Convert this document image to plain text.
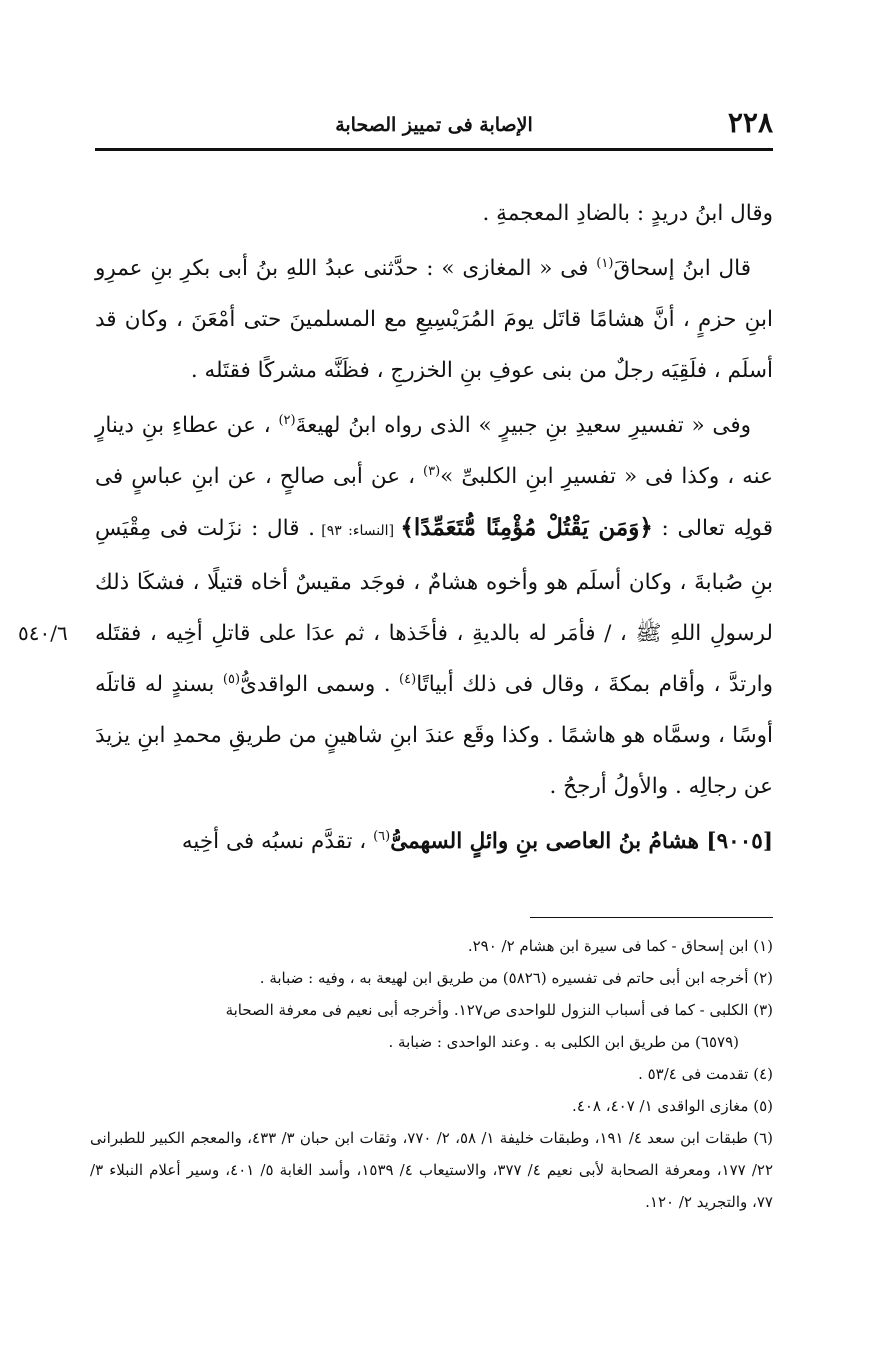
٢٢٨
الإصابة فى تمييز الصحابة
٥٤٠/٦

وقال ابنُ دريدٍ : بالضادِ المعجمةِ .

قال ابنُ إسحاقَ$^{(١)}$ فى « المغازى » : حدَّثنى عبدُ اللهِ بنُ أبى بكرِ بنِ عمرِو ابنِ حزمٍ ، أنَّ هشامًا قاتَل يومَ المُرَيْسِيعِ مع المسلمينَ حتى أمْعَنَ ، وكان قد أسلَم ، فلَقِيَه رجلٌ من بنى عوفِ بنِ الخزرجِ ، فظَنَّه مشركًا فقتَله .

وفى « تفسيرِ سعيدِ بنِ جبيرٍ » الذى رواه ابنُ لهيعةَ$^{(٢)}$ ، عن عطاءِ بنِ دينارٍ عنه ، وكذا فى « تفسيرِ ابنِ الكلبىِّ »$^{(٣)}$ ، عن أبى صالحٍ ، عن ابنِ عباسٍ فى قولِه تعالى : ﴿وَمَن يَقْتُلْ مُؤْمِنًا مُّتَعَمِّدًا﴾ [النساء: ٩٣] . قال : نزَلت فى مِقْيَسِ بنِ صُبابةَ ، وكان أسلَم هو وأخوه هشامٌ ، فوجَد مقيسٌ أخاه قتيلًا ، فشكَا ذلك لرسولِ اللهِ ﷺ ، / فأمَر له بالديةِ ، فأخَذها ، ثم عدَا على قاتلِ أخِيه ، فقتَله وارتدَّ ، وأقام بمكةَ ، وقال فى ذلك أبياتًا$^{(٤)}$ . وسمى الواقدىُّ$^{(٥)}$ بسندٍ له قاتلَه أوسًا ، وسمَّاه هو هاشمًا . وكذا وقَع عندَ ابنِ شاهينٍ من طريقِ محمدِ ابنِ يزيدَ عن رجالِه . والأولُ أرجحُ .

[٩٠٠٥] هشامُ بنُ العاصى بنِ وائلٍ السهمىُّ$^{(٦)}$ ، تقدَّم نسبُه فى أخِيه

(١) ابن إسحاق - كما فى سيرة ابن هشام ٢/ ٢٩٠.

(٢) أخرجه ابن أبى حاتم فى تفسيره (٥٨٢٦) من طريق ابن لهيعة به ، وفيه : ضبابة .

(٣) الكلبى - كما فى أسباب النزول للواحدى ص١٢٧. وأخرجه أبى نعيم فى معرفة الصحابة

(٦٥٧٩) من طريق ابن الكلبى به . وعند الواحدى : ضبابة .

(٤) تقدمت فى ٥٣/٤ .

(٥) مغازى الواقدى ١/ ٤٠٧، ٤٠٨.

(٦) طبقات ابن سعد ٤/ ١٩١، وطبقات خليفة ١/ ٥٨، ٢/ ٧٧٠، وثقات ابن حبان ٣/ ٤٣٣، والمعجم الكبير للطبرانى ٢٢/ ١٧٧، ومعرفة الصحابة لأبى نعيم ٤/ ٣٧٧، والاستيعاب ٤/ ١٥٣٩، وأسد الغابة ٥/ ٤٠١، وسير أعلام النبلاء ٣/ ٧٧، والتجريد ٢/ ١٢٠.
